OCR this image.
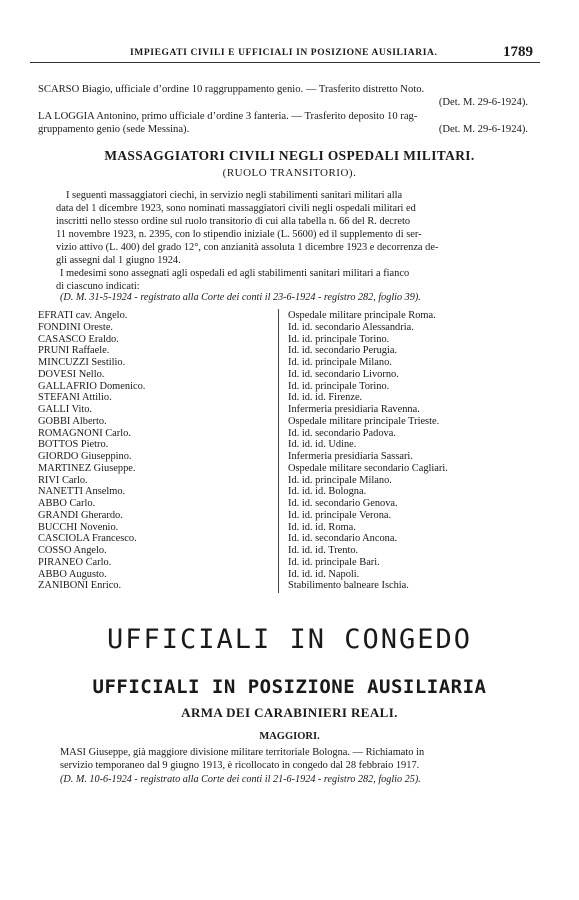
IMPIEGATI CIVILI E UFFICIALI IN POSIZIONE AUSILIARIA.	1789
SCARSO Biagio, ufficiale d’ordine 10 raggruppamento genio. — Trasferito distretto Noto.
(Det. M. 29-6-1924).
LA LOGGIA Antonino, primo ufficiale d’ordine 3 fanteria. — Trasferito deposito 10 rag-
gruppamento genio (sede Messina).	(Det. M. 29-6-1924).
MASSAGGIATORI CIVILI NEGLI OSPEDALI MILITARI.
(RUOLO TRANSITORIO).
I seguenti massaggiatori ciechi, in servizio negli stabilimenti sanitari militari alla
data del 1 dicembre 1923, sono nominati massaggiatori civili negli ospedali militari ed
inscritti nello stesso ordine sul ruolo transitorio di cui alla tabella n. 66 del R. decreto
11 novembre 1923, n. 2395, con lo stipendio iniziale (L. 5600) ed il supplemento di ser-
vizio attivo (L. 400) del grado 12°, con anzianità assoluta 1 dicembre 1923 e decorrenza de-
gli assegni dal 1 giugno 1924.
I medesimi sono assegnati agli ospedali ed agli stabilimenti sanitari militari a fianco
di ciascuno indicati:
(D. M. 31-5-1924 - registrato alla Corte dei conti il 23-6-1924 - registro 282, foglio 39).
EFRATI cav. Angelo.	Ospedale militare principale Roma.
FONDINI Oreste.	Id. id. secondario Alessandria.
CASASCO Eraldo.	Id. id. principale Torino.
PRUNI Raffaele.	Id. id. secondario Perugia.
MINCUZZI Sestilio.	Id. id. principale Milano.
DOVESI Nello.	Id. id. secondario Livorno.
GALLAFRIO Domenico.	Id. id. principale Torino.
STEFANI Attilio.	Id. id. id. Firenze.
GALLI Vito.	Infermeria presidiaria Ravenna.
GOBBI Alberto.	Ospedale militare principale Trieste.
ROMAGNONI Carlo.	Id. id. secondario Padova.
BOTTOS Pietro.	Id. id. id. Udine.
GIORDO Giuseppino.	Infermeria presidiaria Sassari.
MARTINEZ Giuseppe.	Ospedale militare secondario Cagliari.
RIVI Carlo.	Id. id. principale Milano.
NANETTI Anselmo.	Id. id. id. Bologna.
ABBO Carlo.	Id. id. secondario Genova.
GRANDI Gherardo.	Id. id. principale Verona.
BUCCHI Novenio.	Id. id. id. Roma.
CASCIOLA Francesco.	Id. id. secondario Ancona.
COSSO Angelo.	Id. id. id. Trento.
PIRANEO Carlo.	Id. id. principale Bari.
ABBO Augusto.	Id. id. id. Napoli.
ZANIBONI Enrico.	Stabilimento balneare Ischia.
UFFICIALI IN CONGEDO
UFFICIALI IN POSIZIONE AUSILIARIA
ARMA DEI CARABINIERI REALI.
MAGGIORI.
MASI Giuseppe, già maggiore divisione militare territoriale Bologna. — Richiamato in
servizio temporaneo dal 9 giugno 1913, è ricollocato in congedo dal 28 febbraio 1917.
(D. M. 10-6-1924 - registrato alla Corte dei conti il 21-6-1924 - registro 282, foglio 25).
